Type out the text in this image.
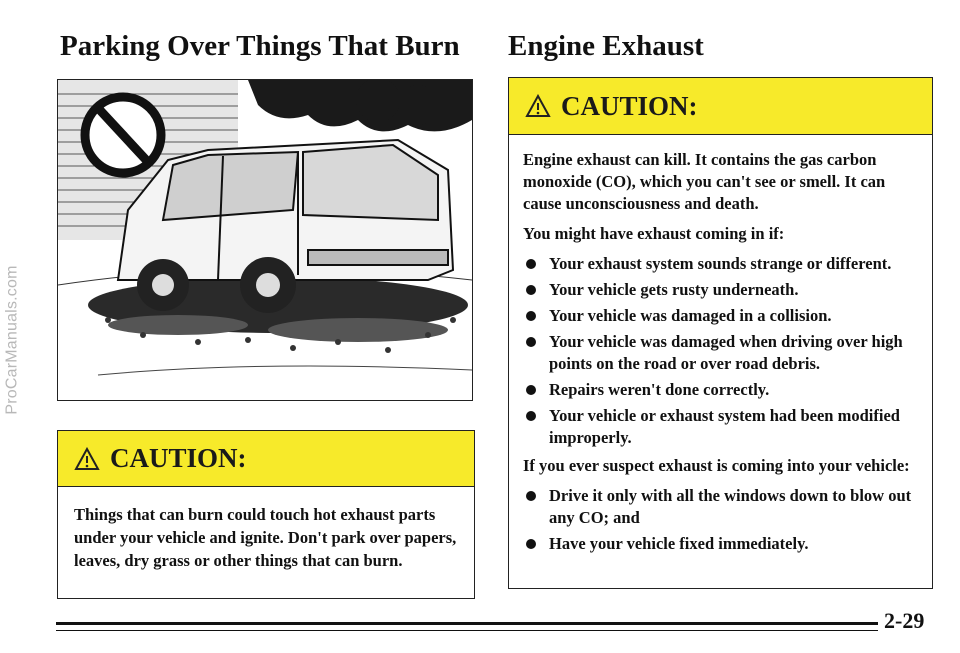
ProCarManuals.com
Parking Over Things That Burn Engine Exhaust
CAUTION:
Things that can burn could touch hot exhaust parts under your vehicle and ignite. Don't park over papers, leaves, dry grass or other things that can burn.
CAUTION:

Engine exhaust can kill. It contains the gas carbon monoxide (CO), which you can't see or smell. It can cause unconsciousness and death.

You might have exhaust coming in if:

Your exhaust system sounds strange or different.
Your vehicle gets rusty underneath.
Your vehicle was damaged in a collision.
Your vehicle was damaged when driving over high points on the road or over road debris.
Repairs weren't done correctly.
Your vehicle or exhaust system had been modified improperly.

If you ever suspect exhaust is coming into your vehicle:

Drive it only with all the windows down to blow out any CO; and
Have your vehicle fixed immediately.
2-29
